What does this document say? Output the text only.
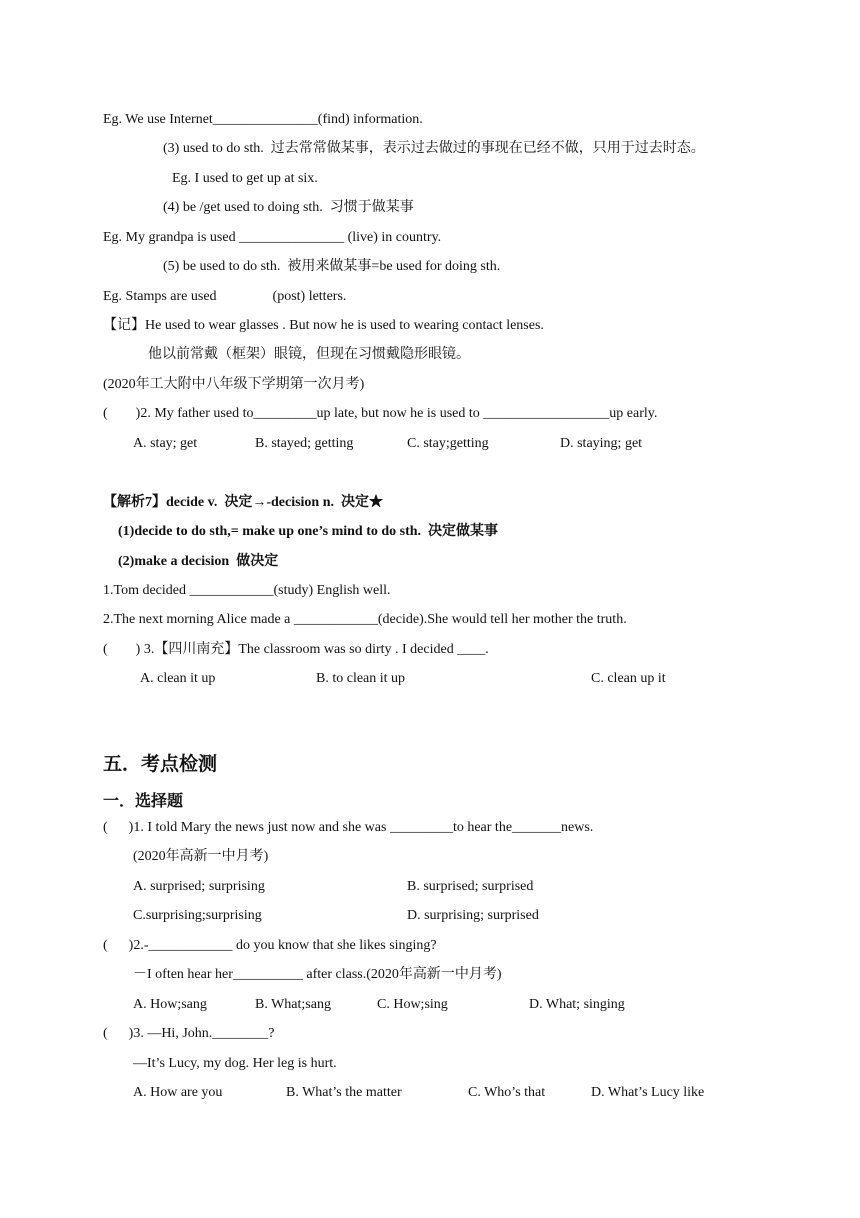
Eg. We use Internet_______________(find) information.
(3) used to do sth.  过去常常做某事，表示过去做过的事现在已经不做，只用于过去时态。
Eg. I used to get up at six.
(4) be /get used to doing sth.  习惯于做某事
Eg. My grandpa is used _______________ (live) in country.
(5) be used to do sth.  被用来做某事=be used for doing sth.
Eg. Stamps are used                (post) letters.
【记】He used to wear glasses . But now he is used to wearing contact lenses.
他以前常戴（框架）眼镜，但现在习惯戴隐形眼镜。
(2020年工大附中八年级下学期第一次月考)
(        )2. My father used to_________up late, but now he is used to __________________up early.
A. stay; get	B. stayed; getting	C. stay;getting	D. staying; get
【解析7】decide v.  决定→-decision n.  决定★
(1)decide to do sth,= make up one’s mind to do sth.  决定做某事
(2)make a decision  做决定
1.Tom decided ____________(study) English well.
2.The next morning Alice made a ____________(decide).She would tell her mother the truth.
(        ) 3.【四川南充】The classroom was so dirty . I decided ____.
A. clean it up	B. to clean it up	C. clean up it
五．考点检测
一．选择题
(      )1. I told Mary the news just now and she was _________to hear the_______news.
(2020年高新一中月考)
A. surprised; surprising	B. surprised; surprised
C.surprising;surprising	D. surprising; surprised
(      )2.-____________ do you know that she likes singing?
－I often hear her__________ after class.(2020年高新一中月考)
A. How;sang	B. What;sang	C. How;sing	D. What; singing
(      )3. —Hi, John.________?
—It’s Lucy, my dog. Her leg is hurt.
A. How are you	B. What’s the matter	C. Who’s that	D. What’s Lucy like
